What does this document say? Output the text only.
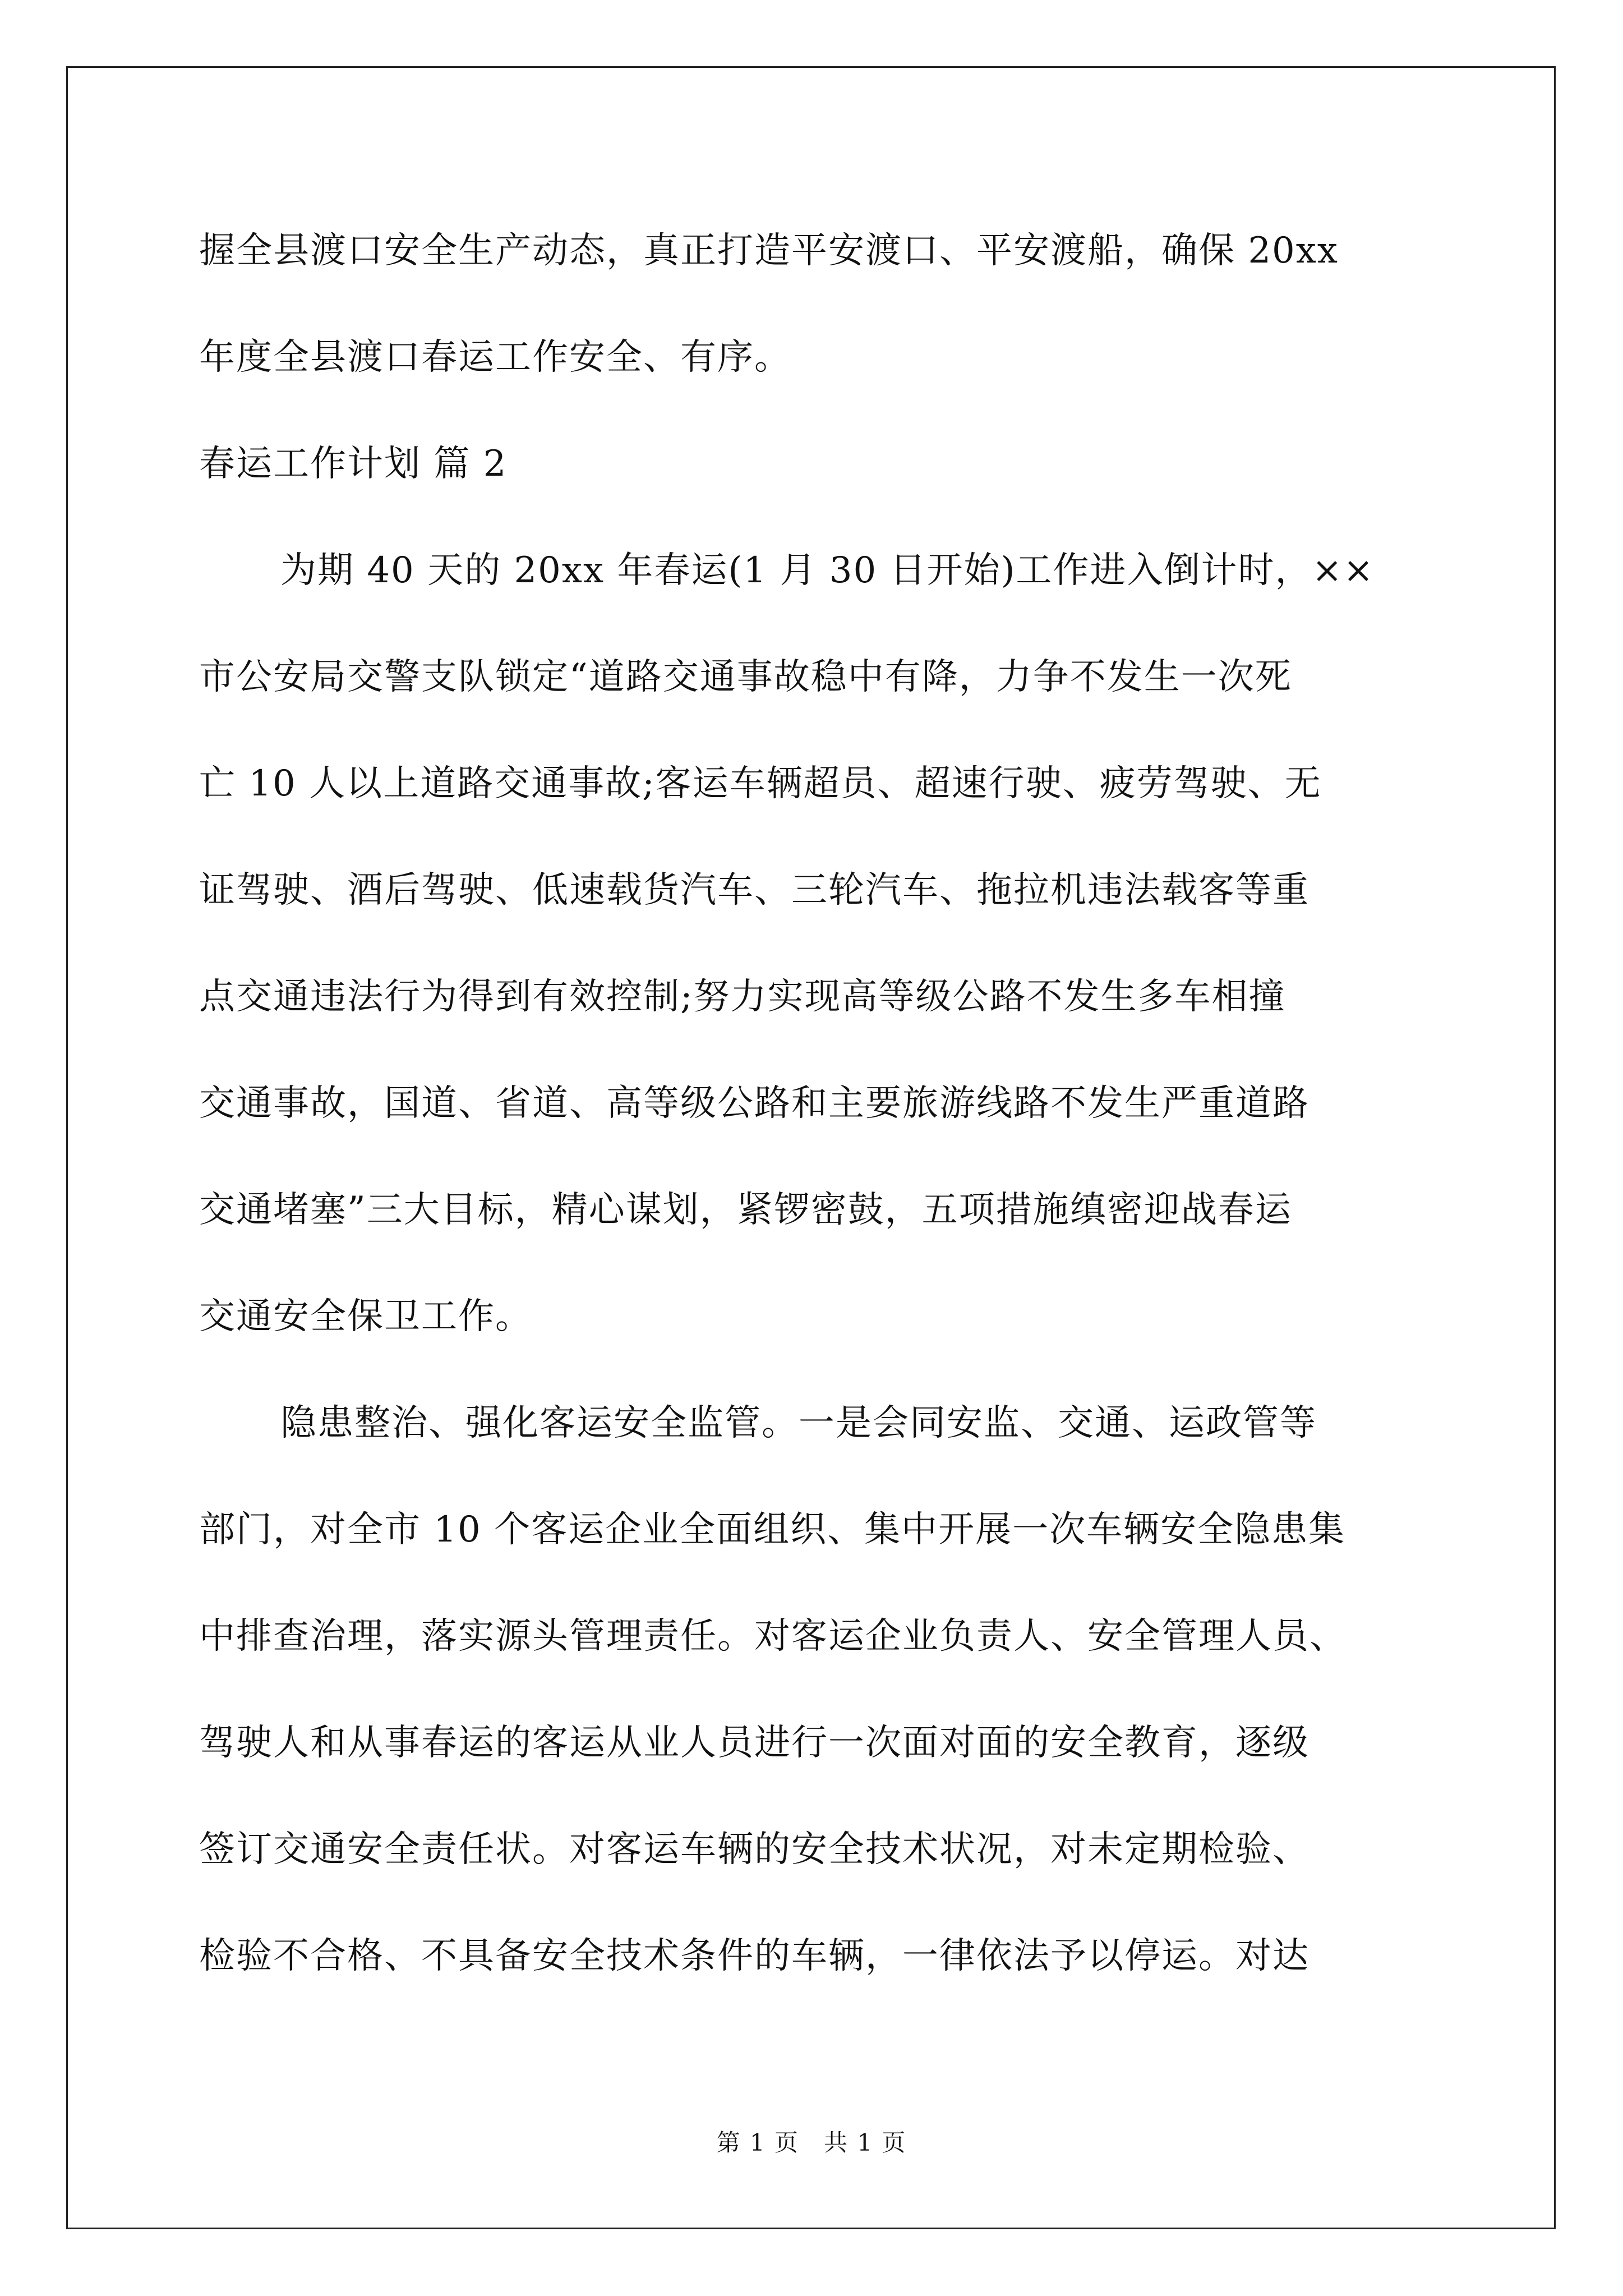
握全县渡口安全生产动态，真正打造平安渡口、平安渡船，确保 20xx
年度全县渡口春运工作安全、有序。
春运工作计划 篇 2
为期 40 天的 20xx 年春运(1 月 30 日开始)工作进入倒计时，××
市公安局交警支队锁定“道路交通事故稳中有降，力争不发生一次死
亡 10 人以上道路交通事故;客运车辆超员、超速行驶、疲劳驾驶、无
证驾驶、酒后驾驶、低速载货汽车、三轮汽车、拖拉机违法载客等重
点交通违法行为得到有效控制;努力实现高等级公路不发生多车相撞
交通事故，国道、省道、高等级公路和主要旅游线路不发生严重道路
交通堵塞”三大目标，精心谋划，紧锣密鼓，五项措施缜密迎战春运
交通安全保卫工作。
隐患整治、强化客运安全监管。一是会同安监、交通、运政管等
部门，对全市 10 个客运企业全面组织、集中开展一次车辆安全隐患集
中排查治理，落实源头管理责任。对客运企业负责人、安全管理人员、
驾驶人和从事春运的客运从业人员进行一次面对面的安全教育，逐级
签订交通安全责任状。对客运车辆的安全技术状况，对未定期检验、
检验不合格、不具备安全技术条件的车辆，一律依法予以停运。对达
第 1 页　共 1 页
